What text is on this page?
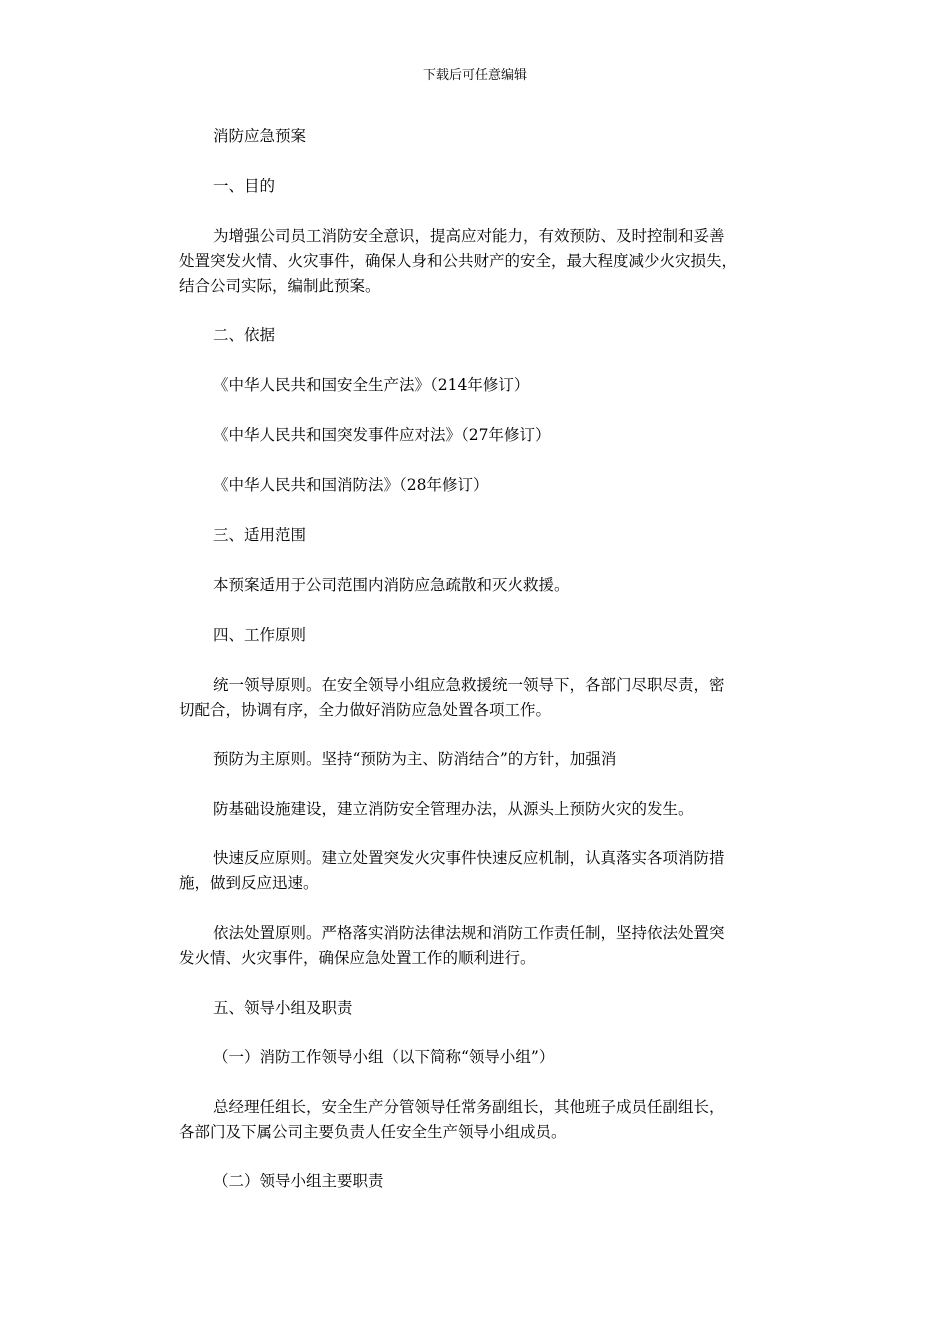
下载后可任意编辑

消防应急预案

一、目的

为增强公司员工消防安全意识，提高应对能力，有效预防、及时控制和妥善
处置突发火情、火灾事件，确保人身和公共财产的安全，最大程度减少火灾损失，
结合公司实际，编制此预案。

二、依据

《中华人民共和国安全生产法》（214年修订）

《中华人民共和国突发事件应对法》（27年修订）

《中华人民共和国消防法》（28年修订）

三、适用范围

本预案适用于公司范围内消防应急疏散和灭火救援。

四、工作原则

统一领导原则。在安全领导小组应急救援统一领导下，各部门尽职尽责，密
切配合，协调有序，全力做好消防应急处置各项工作。

预防为主原则。坚持“预防为主、防消结合”的方针，加强消

防基础设施建设，建立消防安全管理办法，从源头上预防火灾的发生。

快速反应原则。建立处置突发火灾事件快速反应机制，认真落实各项消防措
施，做到反应迅速。

依法处置原则。严格落实消防法律法规和消防工作责任制，坚持依法处置突
发火情、火灾事件，确保应急处置工作的顺利进行。

五、领导小组及职责

（一）消防工作领导小组（以下简称“领导小组”）

总经理任组长，安全生产分管领导任常务副组长，其他班子成员任副组长，
各部门及下属公司主要负责人任安全生产领导小组成员。

（二）领导小组主要职责
